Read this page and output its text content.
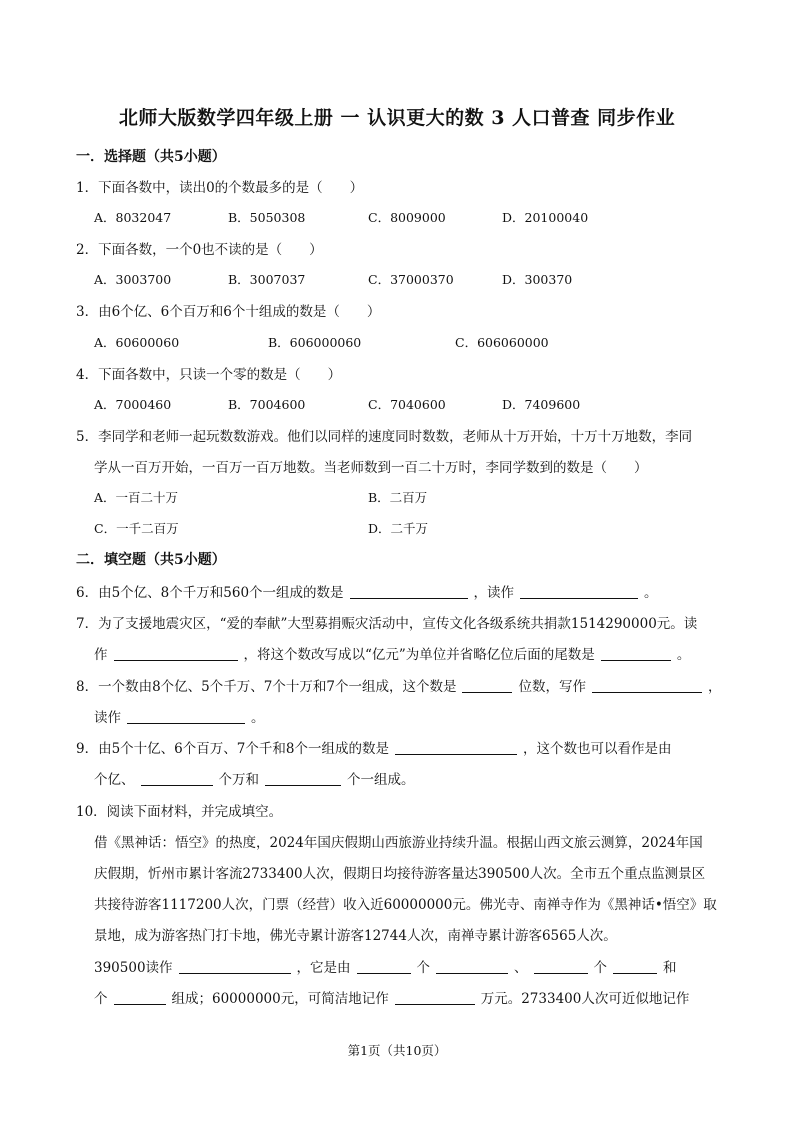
北师大版数学四年级上册 一 认识更大的数 3 人口普查 同步作业
一．选择题（共5小题）
1．下面各数中，读出0的个数最多的是（　　）
A．8032047	B．5050308	C．8009000	D．20100040
2．下面各数，一个0也不读的是（　　）
A．3003700	B．3007037	C．37000370	D．300370
3．由6个亿、6个百万和6个十组成的数是（　　）
A．60600060	B．606000060	C．606060000
4．下面各数中，只读一个零的数是（　　）
A．7000460	B．7004600	C．7040600	D．7409600
5．李同学和老师一起玩数数游戏。他们以同样的速度同时数数，老师从十万开始，十万十万地数，李同
学从一百万开始，一百万一百万地数。当老师数到一百二十万时，李同学数到的数是（　　）
A．一百二十万	B．二百万
C．一千二百万	D．二千万
二．填空题（共5小题）
6．由5个亿、8个千万和560个一组成的数是	，读作	。
7．为了支援地震灾区，“爱的奉献”大型募捐赈灾活动中，宣传文化各级系统共捐款1514290000元。读
作	，将这个数改写成以“亿元”为单位并省略亿位后面的尾数是	。
8．一个数由8个亿、5个千万、7个十万和7个一组成，这个数是	位数，写作	，
读作	。
9．由5个十亿、6个百万、7个千和8个一组成的数是	，这个数也可以看作是由
个亿、	个万和	个一组成。
10．阅读下面材料，并完成填空。
借《黑神话：悟空》的热度，2024年国庆假期山西旅游业持续升温。根据山西文旅云测算，2024年国
庆假期，忻州市累计客流2733400人次，假期日均接待游客量达390500人次。全市五个重点监测景区
共接待游客1117200人次，门票（经营）收入近60000000元。佛光寺、南禅寺作为《黑神话•悟空》取
景地，成为游客热门打卡地，佛光寺累计游客12744人次，南禅寺累计游客6565人次。
390500读作	，它是由	个	、	个	和
个	组成；60000000元，可简洁地记作	万元。2733400人次可近似地记作
第1页（共10页）
